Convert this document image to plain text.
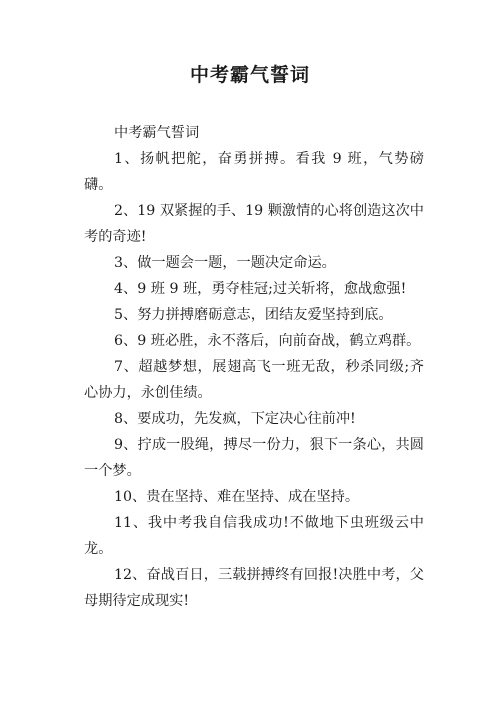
中考霸气誓词

中考霸气誓词

1、扬帆把舵，奋勇拼搏。看我 9 班，气势磅礴。

2、19 双紧握的手、19 颗激情的心将创造这次中考的奇迹!

3、做一题会一题，一题决定命运。

4、9 班 9 班，勇夺桂冠;过关斩将，愈战愈强!

5、努力拼搏磨砺意志，团结友爱坚持到底。

6、9 班必胜，永不落后，向前奋战，鹤立鸡群。

7、超越梦想，展翅高飞一班无敌，秒杀同级;齐心协力，永创佳绩。

8、要成功，先发疯，下定决心往前冲!

9、拧成一股绳，搏尽一份力，狠下一条心，共圆一个梦。

10、贵在坚持、难在坚持、成在坚持。

11、我中考我自信我成功!不做地下虫班级云中龙。

12、奋战百日，三载拼搏终有回报!决胜中考，父母期待定成现实!
